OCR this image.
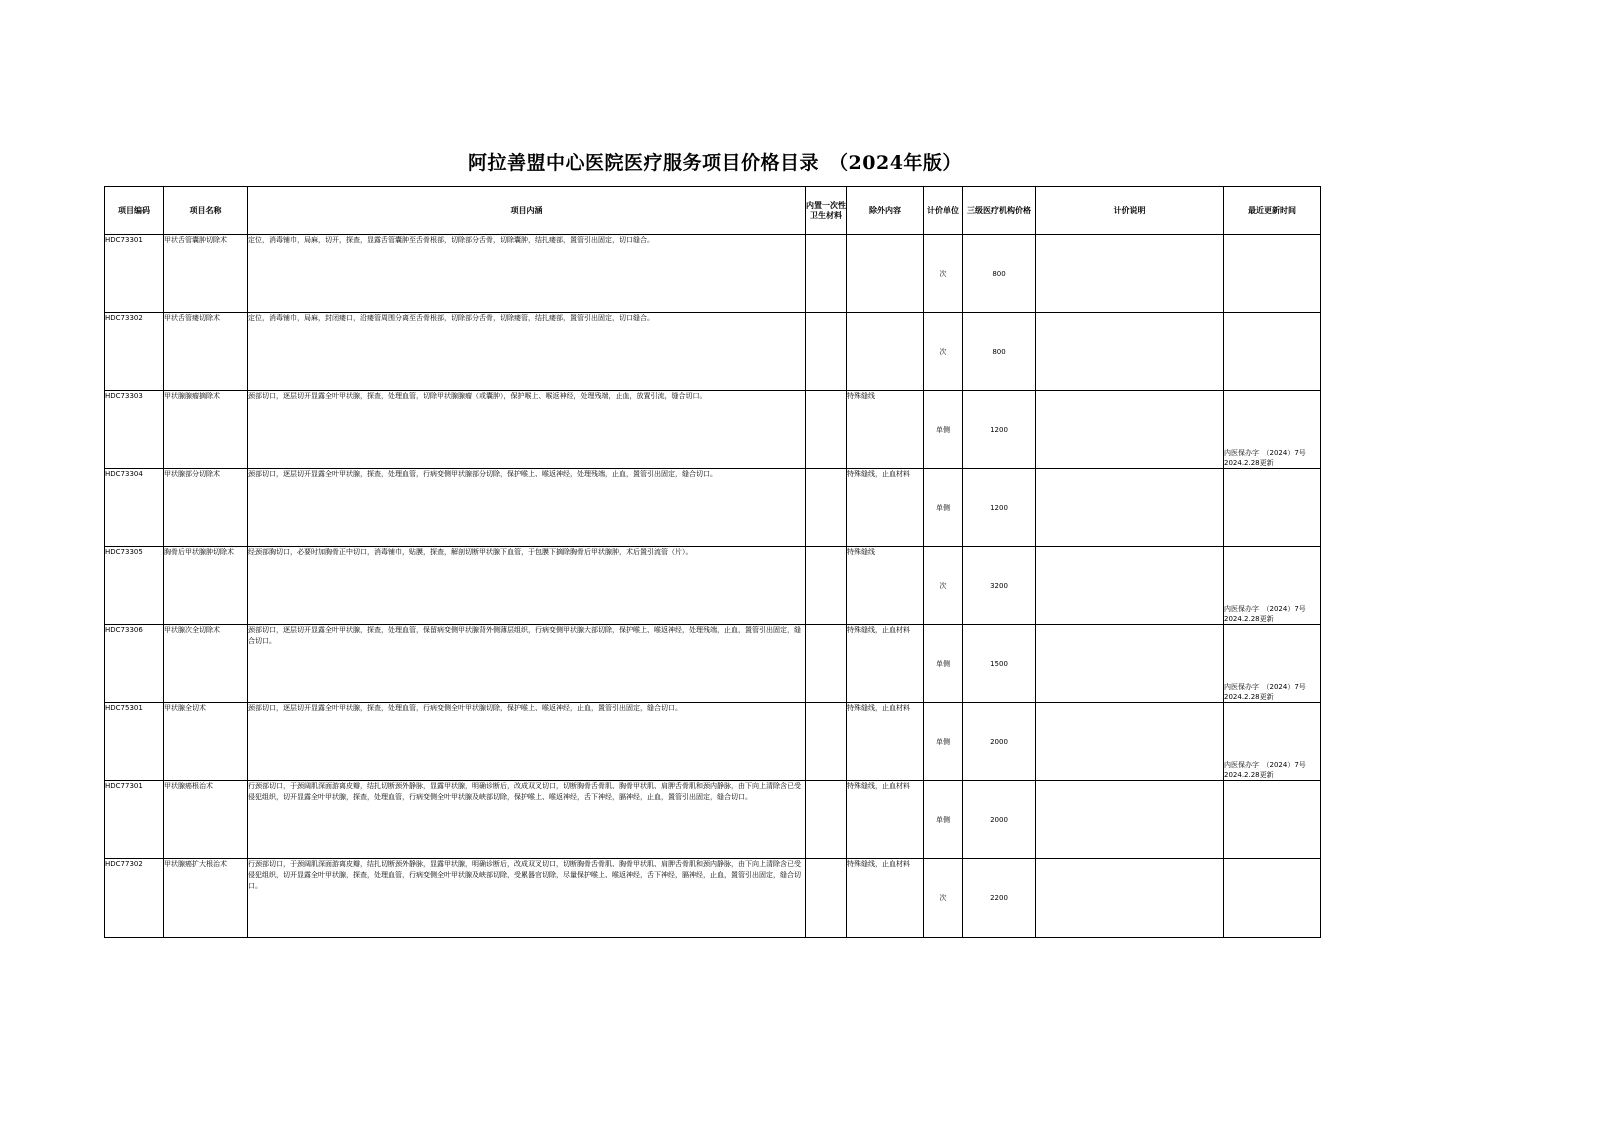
阿拉善盟中心医院医疗服务项目价格目录　（2024年版）
项目编码	项目名称	项目内涵	内置一次性卫生材料	除外内容	计价单位	三级医疗机构价格	计价说明	最近更新时间
HDC73301	甲状舌管囊肿切除术	定位，消毒铺巾，局麻，切开，探查，显露舌管囊肿至舌骨根部，切除部分舌骨，切除囊肿，结扎瘘部，置管引出固定，切口缝合。			次	800		
HDC73302	甲状舌管瘘切除术	定位，消毒铺巾，局麻，封闭瘘口，沿瘘管周围分离至舌骨根部，切除部分舌骨，切除瘘管，结扎瘘部，置管引出固定，切口缝合。			次	800		
HDC73303	甲状腺腺瘤摘除术	颈部切口，逐层切开显露全叶甲状腺，探查，处理血管，切除甲状腺腺瘤（或囊肿），保护喉上、喉返神经，处理残端，止血，放置引流，缝合切口。		特殊缝线	单侧	1200		内医保办字　（2024）7号 2024.2.28更新
HDC73304	甲状腺部分切除术	颈部切口，逐层切开显露全叶甲状腺，探查，处理血管，行病变侧甲状腺部分切除，保护喉上、喉返神经，处理残端，止血，置管引出固定，缝合切口。		特殊缝线，止血材料	单侧	1200		
HDC73305	胸骨后甲状腺肿切除术	经颈部胸切口，必要时加胸骨正中切口，消毒铺巾，贴膜，探查，解剖切断甲状腺下血管，于包膜下摘除胸骨后甲状腺肿，术后置引流管（片）。		特殊缝线	次	3200		内医保办字　（2024）7号 2024.2.28更新
HDC73306	甲状腺次全切除术	颈部切口，逐层切开显露全叶甲状腺，探查，处理血管，保留病变侧甲状腺背外侧薄层组织，行病变侧甲状腺大部切除，保护喉上、喉返神经，处理残端，止血，置管引出固定，缝合切口。		特殊缝线，止血材料	单侧	1500		内医保办字　（2024）7号 2024.2.28更新
HDC75301	甲状腺全切术	颈部切口，逐层切开显露全叶甲状腺，探查，处理血管，行病变侧全叶甲状腺切除，保护喉上、喉返神经，止血，置管引出固定，缝合切口。		特殊缝线，止血材料	单侧	2000		内医保办字　（2024）7号 2024.2.28更新
HDC77301	甲状腺癌根治术	行颈部切口，于颈阔肌深面游离皮瓣，结扎切断颈外静脉，显露甲状腺，明确诊断后，改成双叉切口，切断胸骨舌骨肌、胸骨甲状肌、肩胛舌骨肌和颈内静脉，由下向上清除含已受侵犯组织，切开显露全叶甲状腺，探查，处理血管，行病变侧全叶甲状腺及峡部切除，保护喉上、喉返神经，舌下神经，膈神经，止血，置管引出固定，缝合切口。		特殊缝线，止血材料	单侧	2000		
HDC77302	甲状腺癌扩大根治术	行颈部切口，于颈阔肌深面游离皮瓣，结扎切断颈外静脉，显露甲状腺，明确诊断后，改成双叉切口，切断胸骨舌骨肌、胸骨甲状肌、肩胛舌骨肌和颈内静脉，由下向上清除含已受侵犯组织，切开显露全叶甲状腺，探查，处理血管，行病变侧全叶甲状腺及峡部切除，受累器官切除，尽量保护喉上、喉返神经，舌下神经，膈神经，止血，置管引出固定，缝合切口。		特殊缝线，止血材料	次	2200		
